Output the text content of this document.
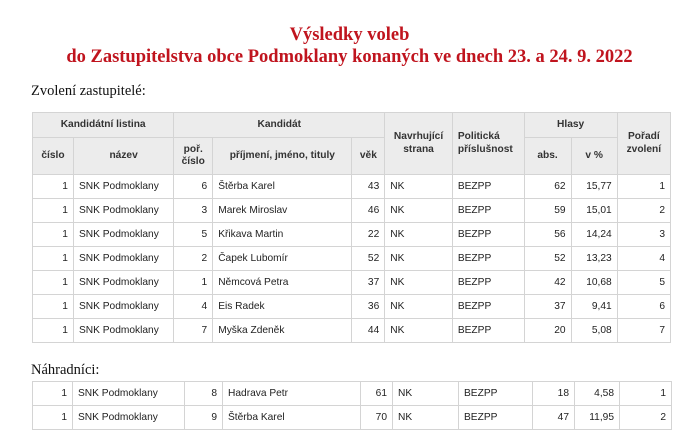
Výsledky voleb
do Zastupitelstva obce Podmoklany konaných ve dnech 23. a 24. 9. 2022
Zvolení zastupitelé:
Kandidátní listina		Kandidát			Navrhující strana	Politická příslušnost	Hlasy		Pořadí zvolení
číslo	název	poř. číslo	příjmení, jméno, tituly	věk			abs.	v %	
1	SNK Podmoklany	6	Štěrba Karel	43	NK	BEZPP	62	15,77	1
1	SNK Podmoklany	3	Marek Miroslav	46	NK	BEZPP	59	15,01	2
1	SNK Podmoklany	5	Křikava Martin	22	NK	BEZPP	56	14,24	3
1	SNK Podmoklany	2	Čapek Lubomír	52	NK	BEZPP	52	13,23	4
1	SNK Podmoklany	1	Němcová Petra	37	NK	BEZPP	42	10,68	5
1	SNK Podmoklany	4	Eis Radek	36	NK	BEZPP	37	9,41	6
1	SNK Podmoklany	7	Myška Zdeněk	44	NK	BEZPP	20	5,08	7
Náhradníci:
1	SNK Podmoklany	8	Hadrava Petr	61	NK	BEZPP	18	4,58	1
1	SNK Podmoklany	9	Štěrba Karel	70	NK	BEZPP	47	11,95	2
